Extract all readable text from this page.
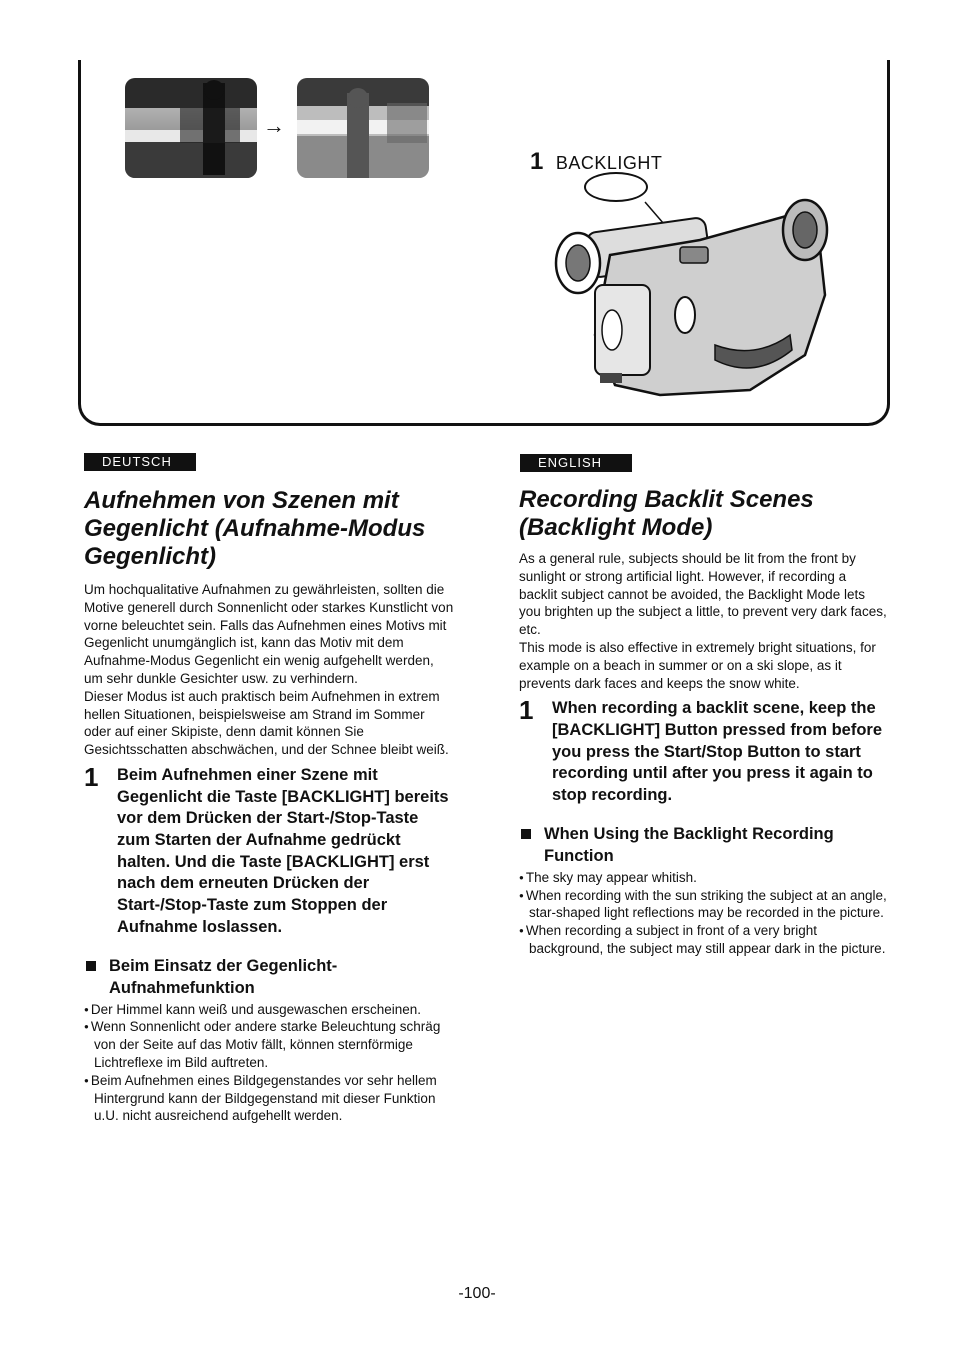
→
1 BACKLIGHT
DEUTSCH
Aufnehmen von Szenen mit Gegenlicht (Aufnahme-Modus Gegenlicht)

Um hochqualitative Aufnahmen zu gewährleisten, sollten die Motive generell durch Sonnenlicht oder starkes Kunstlicht von vorne beleuchtet sein. Falls das Aufnehmen eines Motivs mit Gegenlicht unumgänglich ist, kann das Motiv mit dem Aufnahme-Modus Gegenlicht ein wenig aufgehellt werden, um sehr dunkle Gesichter usw. zu verhindern.

Dieser Modus ist auch praktisch beim Aufnehmen in extrem hellen Situationen, beispielsweise am Strand im Sommer oder auf einer Skipiste, denn damit können Sie Gesichtsschatten abschwächen, und der Schnee bleibt weiß.

1	Beim Aufnehmen einer Szene mit Gegenlicht die Taste [BACKLIGHT] bereits vor dem Drücken der Start-/Stop-Taste zum Starten der Aufnahme gedrückt halten. Und die Taste [BACKLIGHT] erst nach dem erneuten Drücken der Start-/Stop-Taste zum Stoppen der Aufnahme loslassen.
Beim Einsatz der Gegenlicht-Aufnahmefunktion
● Der Himmel kann weiß und ausgewaschen erscheinen.
● Wenn Sonnenlicht oder andere starke Beleuchtung schräg von der Seite auf das Motiv fällt, können sternförmige Lichtreflexe im Bild auftreten.
● Beim Aufnehmen eines Bildgegenstandes vor sehr hellem Hintergrund kann der Bildgegenstand mit dieser Funktion u.U. nicht ausreichend aufgehellt werden.
ENGLISH
Recording Backlit Scenes (Backlight Mode)

As a general rule, subjects should be lit from the front by sunlight or strong artificial light. However, if recording a backlit subject cannot be avoided, the Backlight Mode lets you brighten up the subject a little, to prevent very dark faces, etc.

This mode is also effective in extremely bright situations, for example on a beach in summer or on a ski slope, as it prevents dark faces and keeps the snow white.

1	When recording a backlit scene, keep the [BACKLIGHT] Button pressed from before you press the Start/Stop Button to start recording until after you press it again to stop recording.
When Using the Backlight Recording Function
● The sky may appear whitish.
● When recording with the sun striking the subject at an angle, star-shaped light reflections may be recorded in the picture.
● When recording a subject in front of a very bright background, the subject may still appear dark in the picture.
-100-
